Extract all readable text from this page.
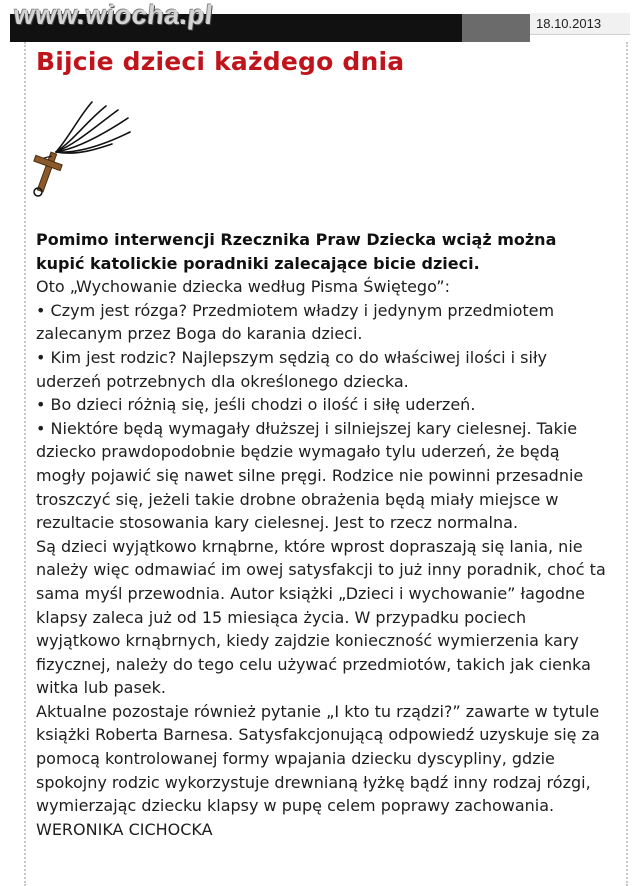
www.wiocha.pl	18.10.2013
Bijcie dzieci każdego dnia

Pomimo interwencji Rzecznika Praw Dziecka wciąż można kupić katolickie poradniki zalecające bicie dzieci.

Oto „Wychowanie dziecka według Pisma Świętego”:

• Czym jest rózga? Przedmiotem władzy i jedynym przedmiotem zalecanym przez Boga do karania dzieci.

• Kim jest rodzic? Najlepszym sędzią co do właściwej ilości i siły uderzeń potrzebnych dla określonego dziecka.

• Bo dzieci różnią się, jeśli chodzi o ilość i siłę uderzeń.

• Niektóre będą wymagały dłuższej i silniejszej kary cielesnej. Takie dziecko prawdopodobnie będzie wymagało tylu uderzeń, że będą mogły pojawić się nawet silne pręgi. Rodzice nie powinni przesadnie troszczyć się, jeżeli takie drobne obrażenia będą miały miejsce w rezultacie stosowania kary cielesnej. Jest to rzecz normalna.

Są dzieci wyjątkowo krnąbrne, które wprost dopraszają się lania, nie należy więc odmawiać im owej satysfakcji to już inny poradnik, choć ta sama myśl przewodnia. Autor książki „Dzieci i wychowanie” łagodne klapsy zaleca już od 15 miesiąca życia. W przypadku pociech wyjątkowo krnąbrnych, kiedy zajdzie konieczność wymierzenia kary fizycznej, należy do tego celu używać przedmiotów, takich jak cienka witka lub pasek.

Aktualne pozostaje również pytanie „I kto tu rządzi?” zawarte w tytule książki Roberta Barnesa. Satysfakcjonującą odpowiedź uzyskuje się za pomocą kontrolowanej formy wpajania dziecku dyscypliny, gdzie spokojny rodzic wykorzystuje drewnianą łyżkę bądź inny rodzaj rózgi, wymierzając dziecku klapsy w pupę celem poprawy zachowania.

WERONIKA CICHOCKA
